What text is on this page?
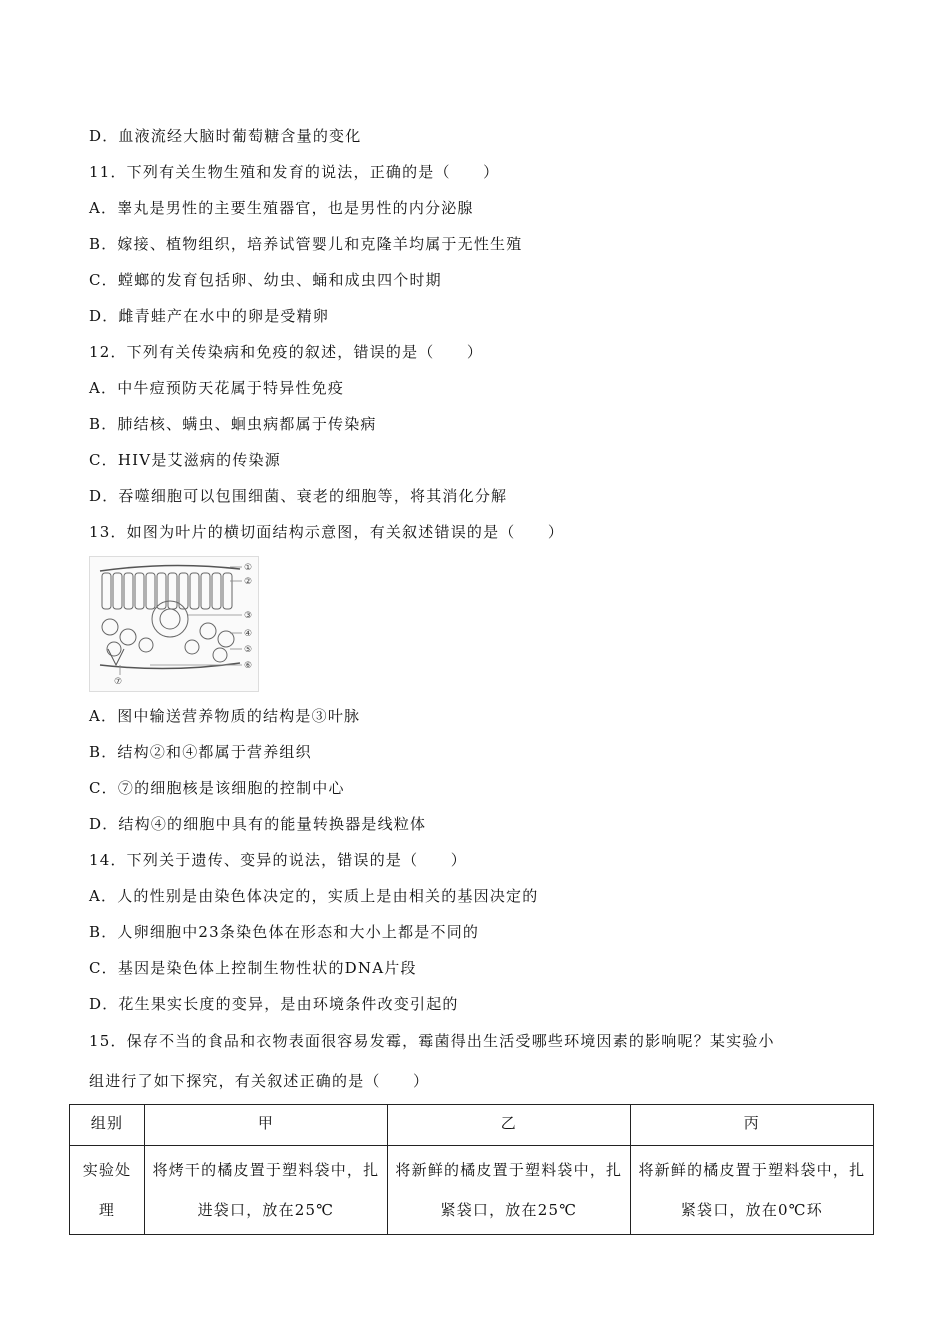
D．血液流经大脑时葡萄糖含量的变化
11．下列有关生物生殖和发育的说法，正确的是（　　）
A．睾丸是男性的主要生殖器官，也是男性的内分泌腺
B．嫁接、植物组织，培养试管婴儿和克隆羊均属于无性生殖
C．螳螂的发育包括卵、幼虫、蛹和成虫四个时期
D．雌青蛙产在水中的卵是受精卵
12．下列有关传染病和免疫的叙述，错误的是（　　）
A．中牛痘预防天花属于特异性免疫
B．肺结核、螨虫、蛔虫病都属于传染病
C．HIV是艾滋病的传染源
D．吞噬细胞可以包围细菌、衰老的细胞等，将其消化分解
13．如图为叶片的横切面结构示意图，有关叙述错误的是（　　）
①
②
③
④
⑤
⑥
⑦
A．图中输送营养物质的结构是③叶脉
B．结构②和④都属于营养组织
C．⑦的细胞核是该细胞的控制中心
D．结构④的细胞中具有的能量转换器是线粒体
14．下列关于遗传、变异的说法，错误的是（　　）
A．人的性别是由染色体决定的，实质上是由相关的基因决定的
B．人卵细胞中23条染色体在形态和大小上都是不同的
C．基因是染色体上控制生物性状的DNA片段
D．花生果实长度的变异，是由环境条件改变引起的
15．保存不当的食品和衣物表面很容易发霉，霉菌得出生活受哪些环境因素的影响呢？某实验小
组进行了如下探究，有关叙述正确的是（　　）
组别	甲	乙	丙
实验处理	将烤干的橘皮置于塑料袋中，扎进袋口，放在25℃	将新鲜的橘皮置于塑料袋中，扎紧袋口，放在25℃	将新鲜的橘皮置于塑料袋中，扎紧袋口，放在0℃环
